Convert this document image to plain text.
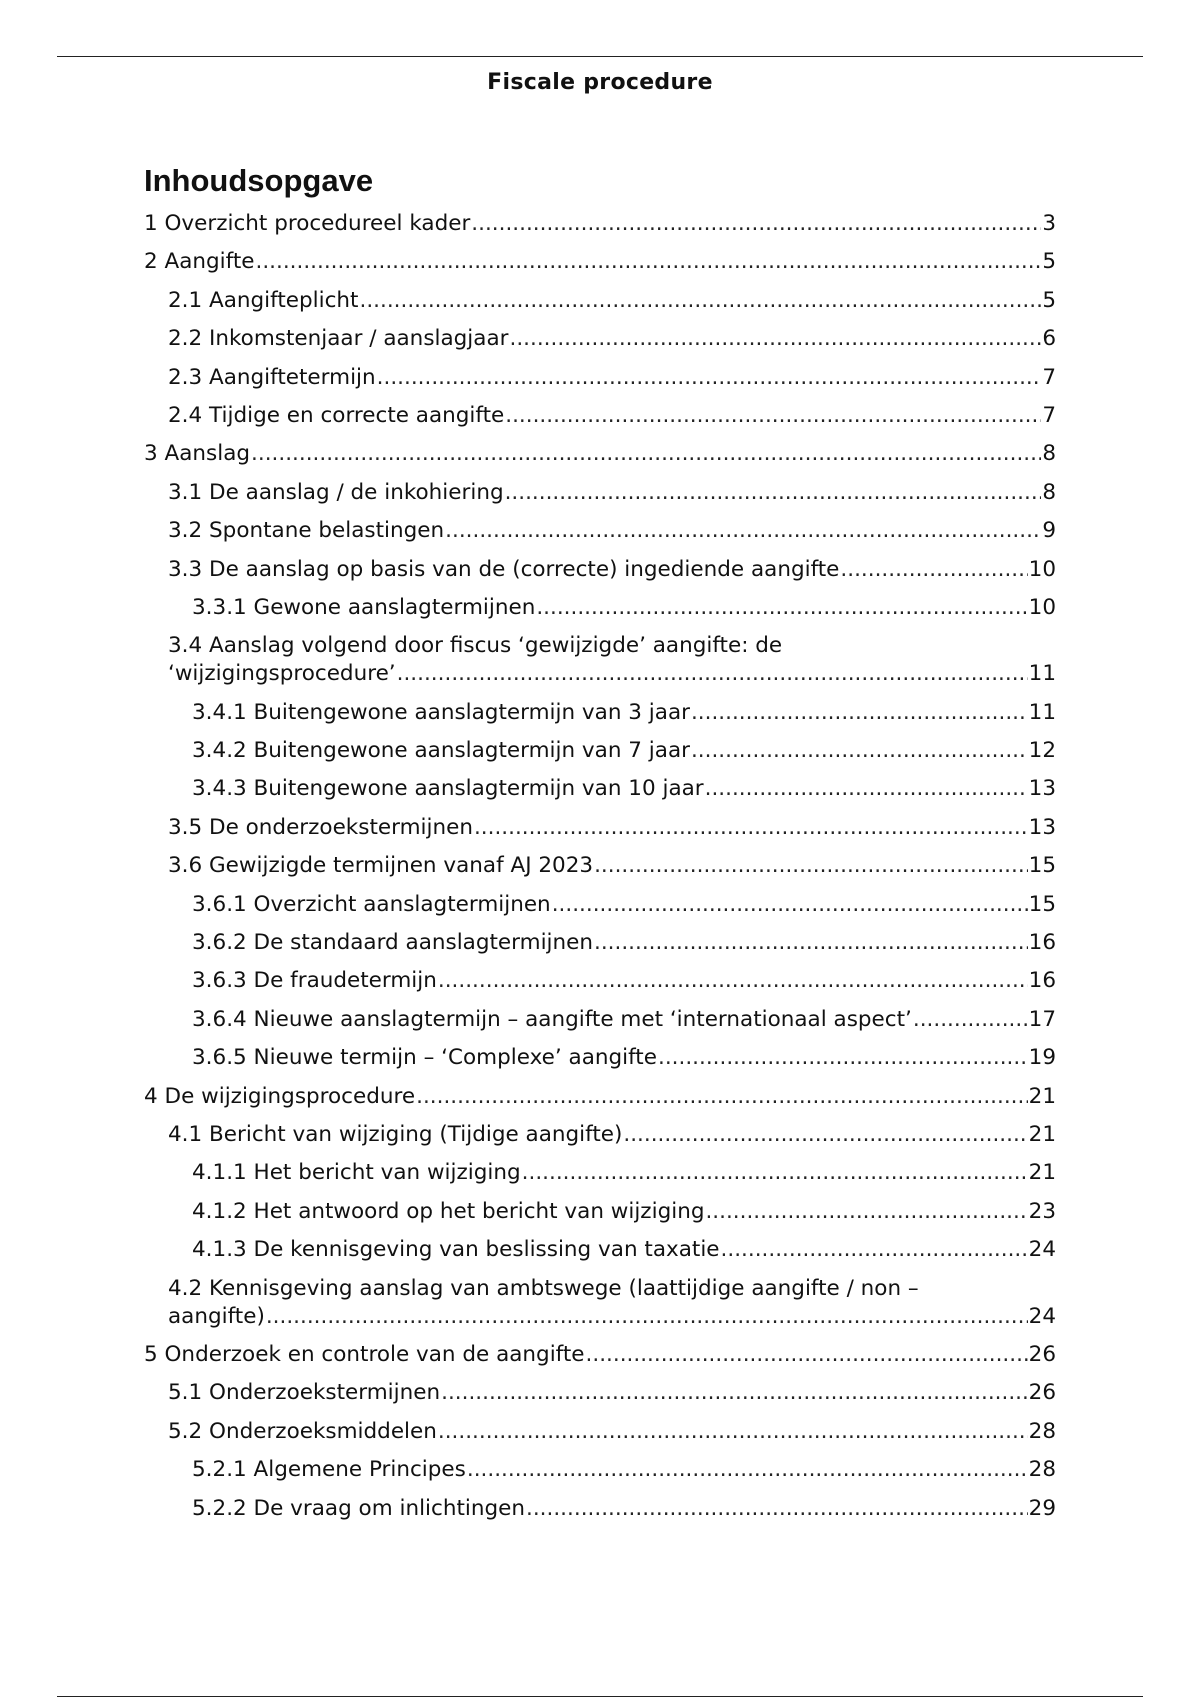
Fiscale procedure
Inhoudsopgave
1 Overzicht procedureel kader .....	3
2 Aangifte .....	5
2.1 Aangifteplicht .....	5
2.2 Inkomstenjaar / aanslagjaar .....	6
2.3 Aangiftetermijn .....	7
2.4 Tijdige en correcte aangifte .....	7
3 Aanslag .....	8
3.1 De aanslag / de inkohiering .....	8
3.2 Spontane belastingen .....	9
3.3 De aanslag op basis van de (correcte) ingediende aangifte .....	10
3.3.1 Gewone aanslagtermijnen .....	10
3.4 Aanslag volgend door fiscus ‘gewijzigde’ aangifte: de
‘wijzigingsprocedure’ .....	11
3.4.1 Buitengewone aanslagtermijn van 3 jaar .....	11
3.4.2 Buitengewone aanslagtermijn van 7 jaar .....	12
3.4.3 Buitengewone aanslagtermijn van 10 jaar .....	13
3.5 De onderzoekstermijnen .....	13
3.6 Gewijzigde termijnen vanaf AJ 2023 .....	15
3.6.1 Overzicht aanslagtermijnen .....	15
3.6.2 De standaard aanslagtermijnen .....	16
3.6.3 De fraudetermijn .....	16
3.6.4 Nieuwe aanslagtermijn – aangifte met ‘internationaal aspect’ .....	17
3.6.5 Nieuwe termijn – ‘Complexe’ aangifte .....	19
4 De wijzigingsprocedure .....	21
4.1 Bericht van wijziging (Tijdige aangifte) .....	21
4.1.1 Het bericht van wijziging .....	21
4.1.2 Het antwoord op het bericht van wijziging .....	23
4.1.3 De kennisgeving van beslissing van taxatie .....	24
4.2 Kennisgeving aanslag van ambtswege (laattijdige aangifte / non –
aangifte) .....	24
5 Onderzoek en controle van de aangifte .....	26
5.1 Onderzoekstermijnen .....	26
5.2 Onderzoeksmiddelen .....	28
5.2.1 Algemene Principes .....	28
5.2.2 De vraag om inlichtingen .....	29
